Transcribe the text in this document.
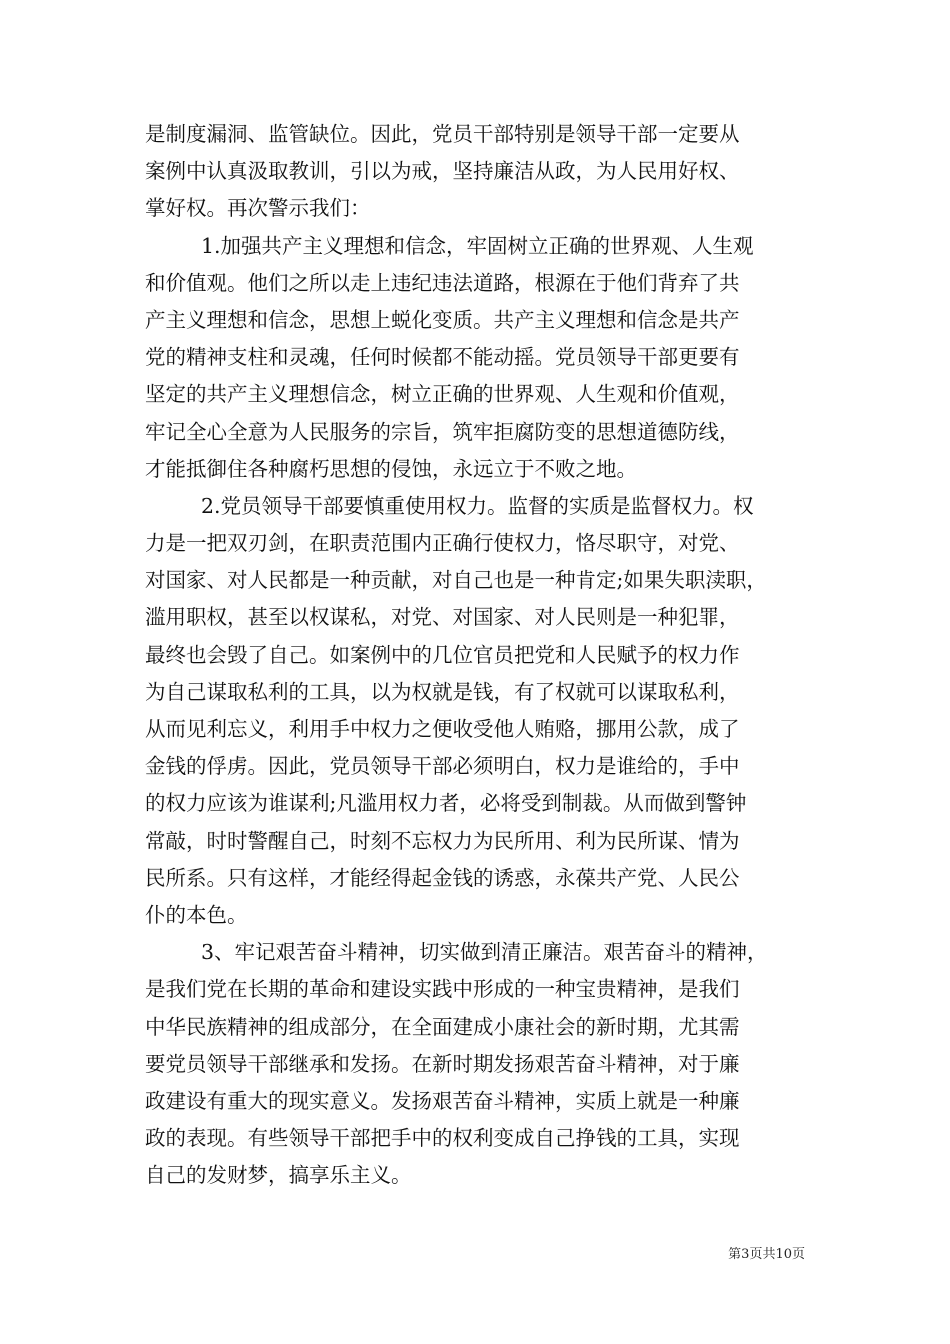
是制度漏洞、监管缺位。因此，党员干部特别是领导干部一定要从
案例中认真汲取教训，引以为戒，坚持廉洁从政，为人民用好权、
掌好权。再次警示我们：
1.加强共产主义理想和信念，牢固树立正确的世界观、人生观
和价值观。他们之所以走上违纪违法道路，根源在于他们背弃了共
产主义理想和信念，思想上蜕化变质。共产主义理想和信念是共产
党的精神支柱和灵魂，任何时候都不能动摇。党员领导干部更要有
坚定的共产主义理想信念，树立正确的世界观、人生观和价值观，
牢记全心全意为人民服务的宗旨，筑牢拒腐防变的思想道德防线，
才能抵御住各种腐朽思想的侵蚀，永远立于不败之地。
2.党员领导干部要慎重使用权力。监督的实质是监督权力。权
力是一把双刃剑，在职责范围内正确行使权力，恪尽职守，对党、
对国家、对人民都是一种贡献，对自己也是一种肯定;如果失职渎职，
滥用职权，甚至以权谋私，对党、对国家、对人民则是一种犯罪，
最终也会毁了自己。如案例中的几位官员把党和人民赋予的权力作
为自己谋取私利的工具，以为权就是钱，有了权就可以谋取私利，
从而见利忘义，利用手中权力之便收受他人贿赂，挪用公款，成了
金钱的俘虏。因此，党员领导干部必须明白，权力是谁给的，手中
的权力应该为谁谋利;凡滥用权力者，必将受到制裁。从而做到警钟
常敲，时时警醒自己，时刻不忘权力为民所用、利为民所谋、情为
民所系。只有这样，才能经得起金钱的诱惑，永葆共产党、人民公
仆的本色。
3、牢记艰苦奋斗精神，切实做到清正廉洁。艰苦奋斗的精神，
是我们党在长期的革命和建设实践中形成的一种宝贵精神，是我们
中华民族精神的组成部分，在全面建成小康社会的新时期，尤其需
要党员领导干部继承和发扬。在新时期发扬艰苦奋斗精神，对于廉
政建设有重大的现实意义。发扬艰苦奋斗精神，实质上就是一种廉
政的表现。有些领导干部把手中的权利变成自己挣钱的工具，实现
自己的发财梦，搞享乐主义。
第3页共10页
